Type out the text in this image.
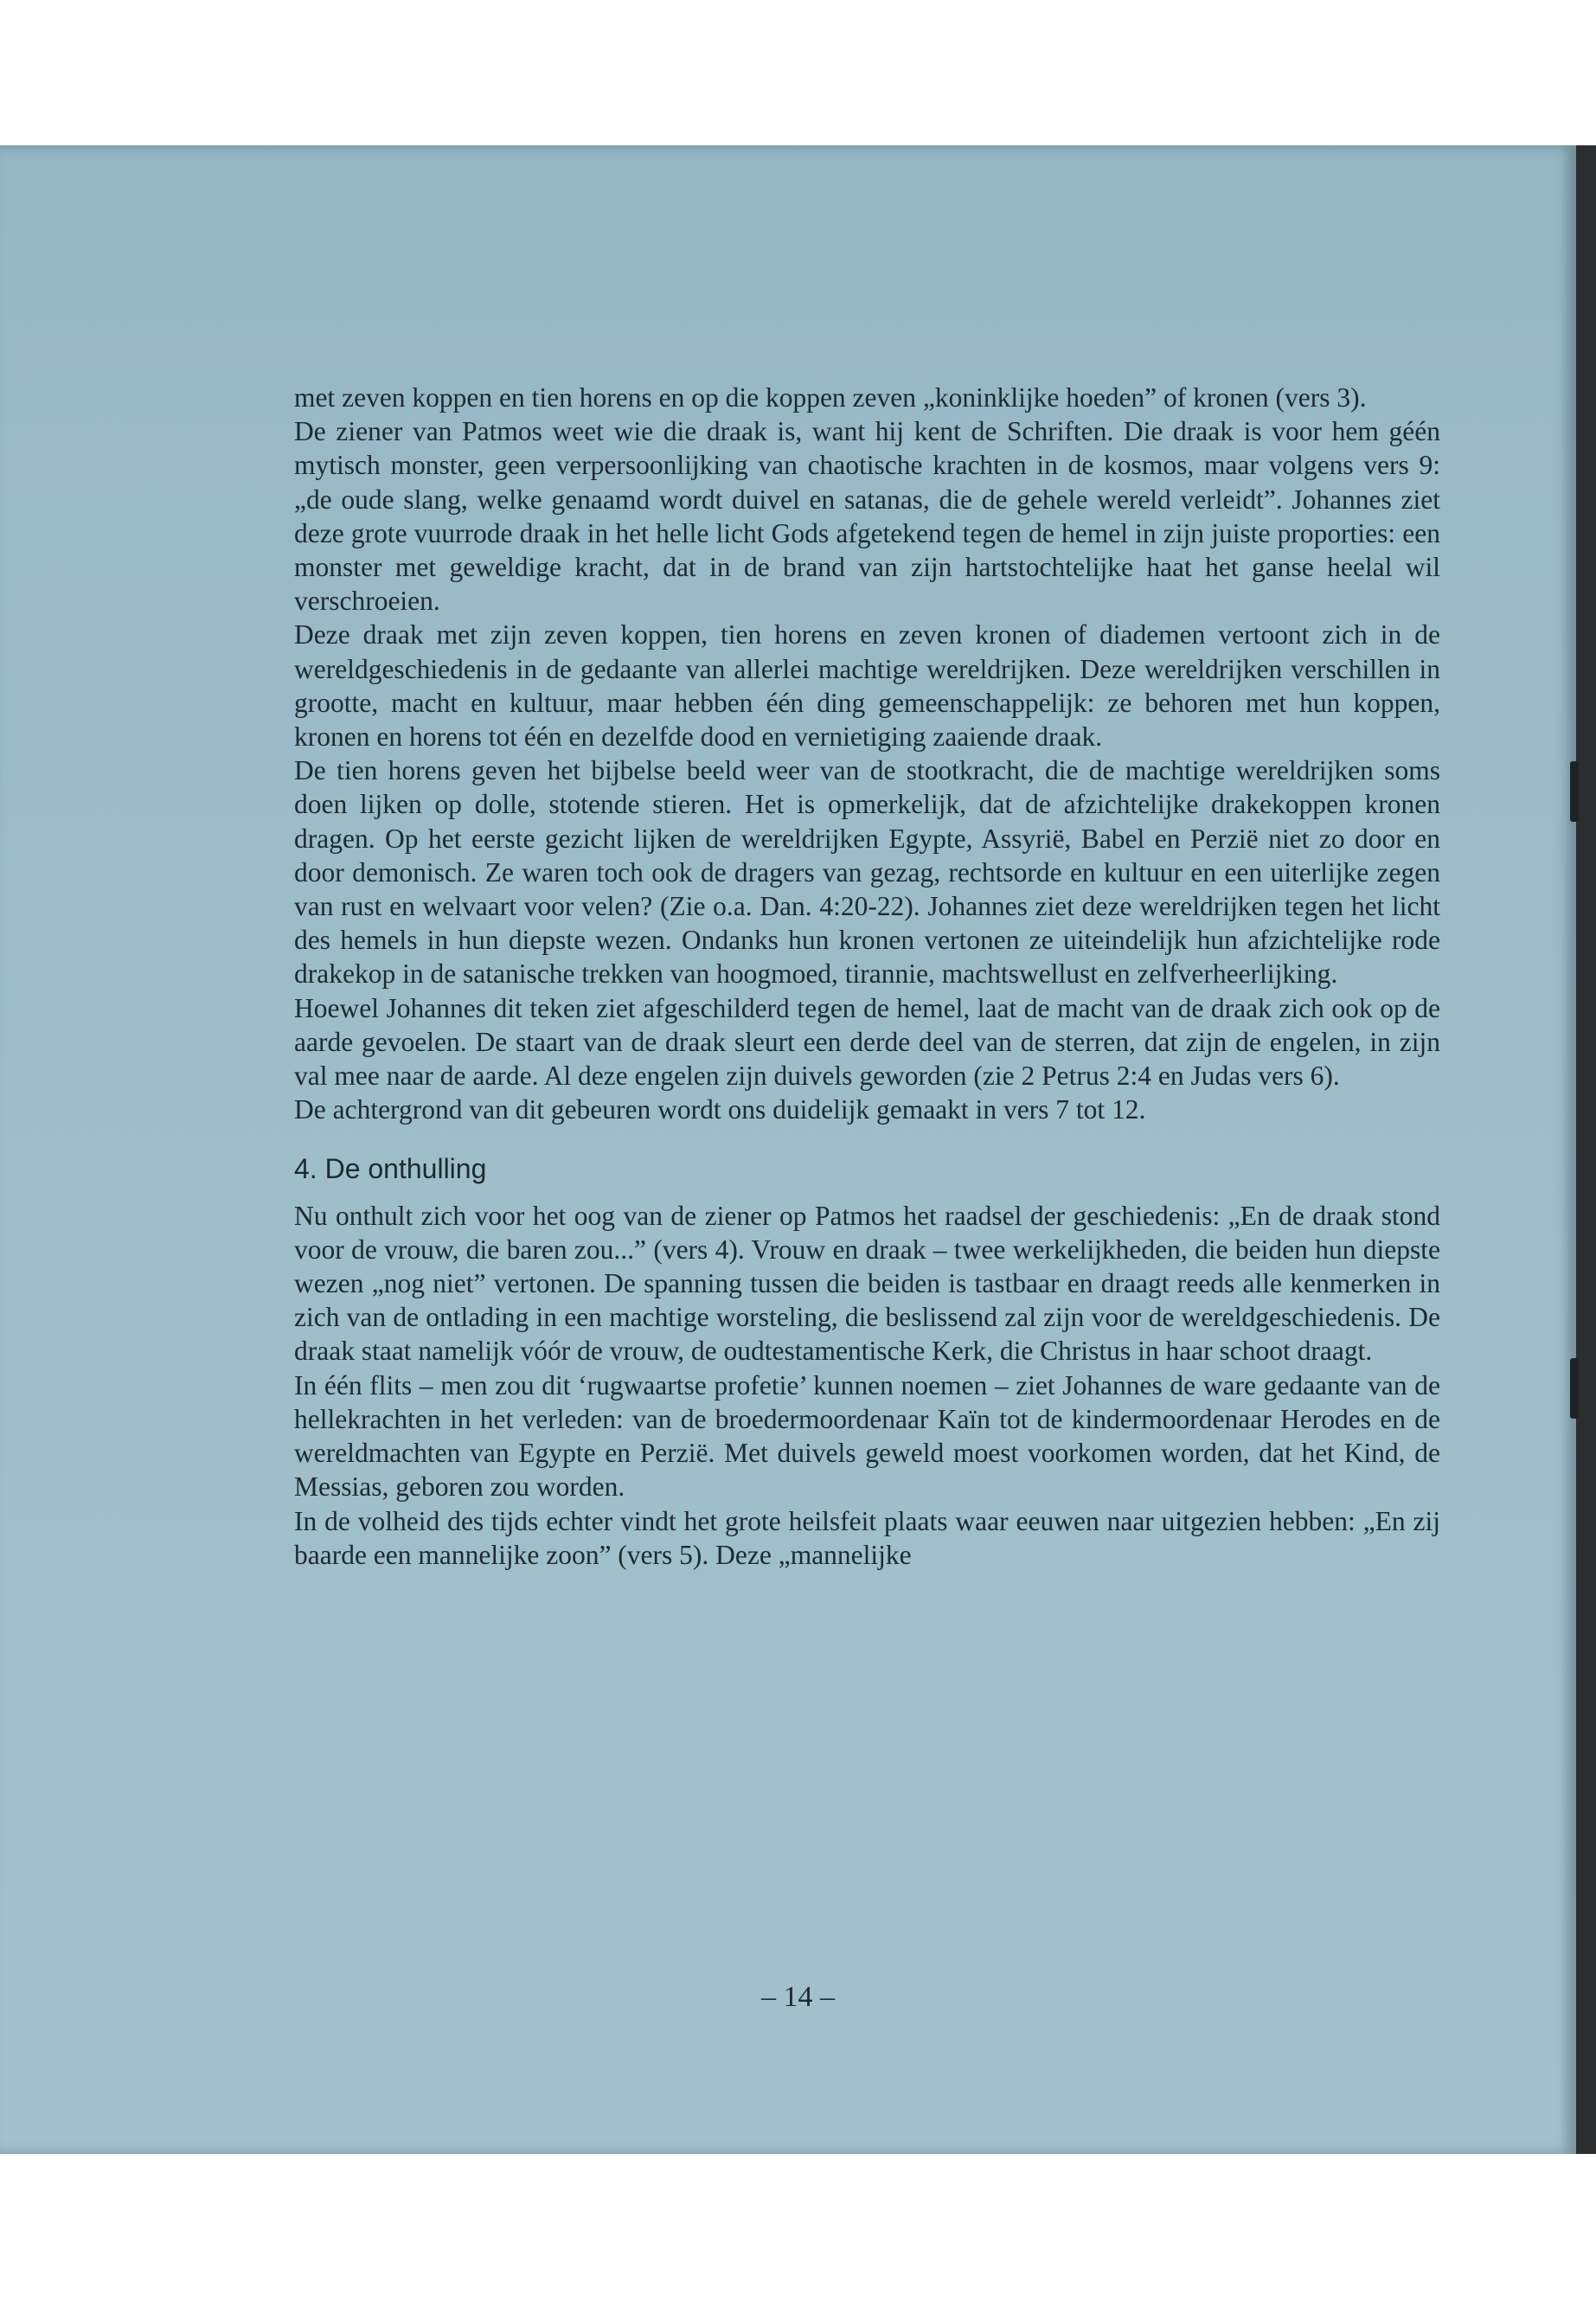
met zeven koppen en tien horens en op die koppen zeven „koninklijke hoeden” of kronen (vers 3).

De ziener van Patmos weet wie die draak is, want hij kent de Schriften. Die draak is voor hem géén mytisch monster, geen verpersoonlijking van chaotische krachten in de kosmos, maar volgens vers 9: „de oude slang, welke genaamd wordt duivel en satanas, die de gehele wereld verleidt”. Johannes ziet deze grote vuurrode draak in het helle licht Gods afgetekend tegen de hemel in zijn juiste proporties: een monster met geweldige kracht, dat in de brand van zijn hartstochtelijke haat het ganse heelal wil verschroeien.

Deze draak met zijn zeven koppen, tien horens en zeven kronen of diademen vertoont zich in de wereldgeschiedenis in de gedaante van allerlei machtige wereldrijken. Deze wereldrijken verschillen in grootte, macht en kultuur, maar hebben één ding gemeenschappelijk: ze behoren met hun koppen, kronen en horens tot één en dezelfde dood en vernietiging zaaiende draak.

De tien horens geven het bijbelse beeld weer van de stootkracht, die de machtige wereldrijken soms doen lijken op dolle, stotende stieren. Het is opmerkelijk, dat de afzichtelijke drakekoppen kronen dragen. Op het eerste gezicht lijken de wereldrijken Egypte, Assyrië, Babel en Perzië niet zo door en door demonisch. Ze waren toch ook de dragers van gezag, rechtsorde en kultuur en een uiterlijke zegen van rust en welvaart voor velen? (Zie o.a. Dan. 4:20-22). Johannes ziet deze wereldrijken tegen het licht des hemels in hun diepste wezen. Ondanks hun kronen vertonen ze uiteindelijk hun afzichtelijke rode drakekop in de satanische trekken van hoogmoed, tirannie, machtswellust en zelfverheerlijking.

Hoewel Johannes dit teken ziet afgeschilderd tegen de hemel, laat de macht van de draak zich ook op de aarde gevoelen. De staart van de draak sleurt een derde deel van de sterren, dat zijn de engelen, in zijn val mee naar de aarde. Al deze engelen zijn duivels geworden (zie 2 Petrus 2:4 en Judas vers 6).

De achtergrond van dit gebeuren wordt ons duidelijk gemaakt in vers 7 tot 12.

4. De onthulling

Nu onthult zich voor het oog van de ziener op Patmos het raadsel der geschiedenis: „En de draak stond voor de vrouw, die baren zou...” (vers 4). Vrouw en draak – twee werkelijkheden, die beiden hun diepste wezen „nog niet” vertonen. De spanning tussen die beiden is tastbaar en draagt reeds alle kenmerken in zich van de ontlading in een machtige worsteling, die beslissend zal zijn voor de wereldgeschiedenis. De draak staat namelijk vóór de vrouw, de oudtestamentische Kerk, die Christus in haar schoot draagt.

In één flits – men zou dit ‘rugwaartse profetie’ kunnen noemen – ziet Johannes de ware gedaante van de hellekrachten in het verleden: van de broedermoordenaar Kaïn tot de kindermoordenaar Herodes en de wereldmachten van Egypte en Perzië. Met duivels geweld moest voorkomen worden, dat het Kind, de Messias, geboren zou worden.

In de volheid des tijds echter vindt het grote heilsfeit plaats waar eeuwen naar uitgezien hebben: „En zij baarde een mannelijke zoon” (vers 5). Deze „mannelijke

– 14 –
